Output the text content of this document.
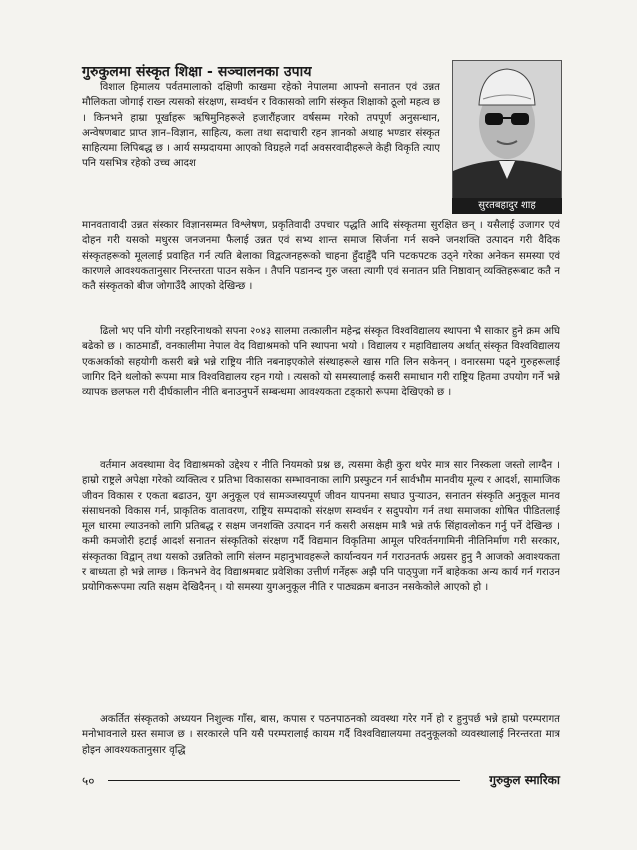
गुरुकुलमा संस्कृत शिक्षा - सञ्चालनका उपाय
सुरतबहादुर शाह

विशाल हिमालय पर्वतमालाको दक्षिणी काखमा रहेको नेपालमा आफ्नो सनातन एवं उन्नत मौलिकता जोगाई राख्न त्यसको संरक्षण, सम्वर्धन र विकासको लागि संस्कृत शिक्षाको ठूलो महत्व छ । किनभने हाम्रा पूर्खाहरू ऋषिमुनिहरूले हजारौंहजार वर्षसम्म गरेको तपपूर्ण अनुसन्धान, अन्वेषणबाट प्राप्त ज्ञान–विज्ञान, साहित्य, कला तथा सदाचारी रहन ज्ञानको अथाह भण्डार संस्कृत साहित्यमा लिपिबद्ध छ । आर्य सम्प्रदायमा आएको विग्रहले गर्दा अवसरवादीहरूले केही विकृति त्याए पनि यसभित्र रहेको उच्च आदश

मानवतावादी उन्नत संस्कार विज्ञानसम्मत विश्लेषण, प्रकृतिवादी उपचार पद्धति आदि संस्कृतमा सुरक्षित छन् । यसैलाई उजागर एवं दोहन गरी यसको मधुरस जनजनमा फैलाई उन्नत एवं सभ्य शान्त समाज सिर्जना गर्न सक्ने जनशक्ति उत्पादन गरी वैदिक संस्कृतहरूको मूललाई प्रवाहित गर्न त्यति बेलाका विद्वत्जनहरूको चाहना हुँदाहुँदै पनि पटकपटक उठ्ने गरेका अनेकन समस्या एवं कारणले आवश्यकतानुसार निरन्तरता पाउन सकेन । तैपनि पडानन्द गुरु जस्ता त्यागी एवं सनातन प्रति निष्ठावान् व्यक्तिहरूबाट कतै न कतै संस्कृतको बीज जोगाउँदै आएको देखिन्छ ।

ढिलो भए पनि योगी नरहरिनाथको सपना २०४३ सालमा तत्कालीन महेन्द्र संस्कृत विश्वविद्यालय स्थापना भै साकार हुने क्रम अघि बढेको छ । काठमाडौं, वनकालीमा नेपाल वेद विद्याश्रमको पनि स्थापना भयो । विद्यालय र महाविद्यालय अर्थात् संस्कृत विश्वविद्यालय एकअर्काको सहयोगी कसरी बन्ने भन्ने राष्ट्रिय नीति नबनाइएकोले संस्थाहरूले खास गति लिन सकेनन् । वनारसमा पढ्ने गुरुहरूलाई जागिर दिने थलोको रूपमा मात्र विश्वविद्यालय रहन गयो । त्यसको यो समस्यालाई कसरी समाधान गरी राष्ट्रिय हितमा उपयोग गर्ने भन्ने व्यापक छलफल गरी दीर्घकालीन नीति बनाउनुपर्ने सम्बन्धमा आवश्यकता टड्कारो रूपमा देखिएको छ ।

वर्तमान अवस्थामा वेद विद्याश्रमको उद्देश्य र नीति नियमको प्रश्न छ, त्यसमा केही कुरा थपेर मात्र सार निस्कला जस्तो लाग्दैन । हाम्रो राष्ट्रले अपेक्षा गरेको व्यक्तित्व र प्रतिभा विकासका सम्भावनाका लागि प्रस्फुटन गर्न सार्वभौम मानवीय मूल्य र आदर्श, सामाजिक जीवन विकास र एकता बढाउन, युग अनुकूल एवं सामञ्जस्यपूर्ण जीवन यापनमा सघाउ पुऱ्याउन, सनातन संस्कृति अनुकूल मानव संसाधनको विकास गर्न, प्राकृतिक वातावरण, राष्ट्रिय सम्पदाको संरक्षण सम्वर्धन र सदुपयोग गर्न तथा समाजका शोषित पीडितलाई मूल धारमा ल्याउनको लागि प्रतिबद्ध र सक्षम जनशक्ति उत्पादन गर्न कसरी असक्षम मात्रै भन्ने तर्फ सिंहावलोकन गर्नु पर्ने देखिन्छ । कमी कमजोरी हटाई आदर्श सनातन संस्कृतिको संरक्षण गर्दै विद्यमान विकृतिमा आमूल परिवर्तनगामिनी नीतिनिर्माण गरी सरकार, संस्कृतका विद्वान् तथा यसको उन्नतिको लागि संलग्न महानुभावहरूले कार्यान्वयन गर्न गराउनतर्फ अग्रसर हुनु नै आजको अवाश्यकता र बाध्यता हो भन्ने लाग्छ । किनभने वेद विद्याश्रमबाट प्रवेशिका उत्तीर्ण गर्नेहरू अझै पनि पाठ्पुजा गर्ने बाहेकका अन्य कार्य गर्न गराउन प्रयोगिकरूपमा त्यति सक्षम देखिदैनन् । यो समस्या युगअनुकूल नीति र पाठ्यक्रम बनाउन नसकेकोले आएको हो ।

अकर्तित संस्कृतको अध्ययन निशुल्क गाँस, बास, कपास र पठनपाठनको व्यवस्था गरेर गर्ने हो र हुनुपर्छ भन्ने हाम्रो परम्परागत मनोभावनाले ग्रस्त समाज छ । सरकारले पनि यसै परम्परालाई कायम गर्दै विश्वविद्यालयमा तदनुकूलको व्यवस्थालाई निरन्तरता मात्र होइन आवश्यकतानुसार वृद्धि

५०	गुरुकुल स्मारिका
